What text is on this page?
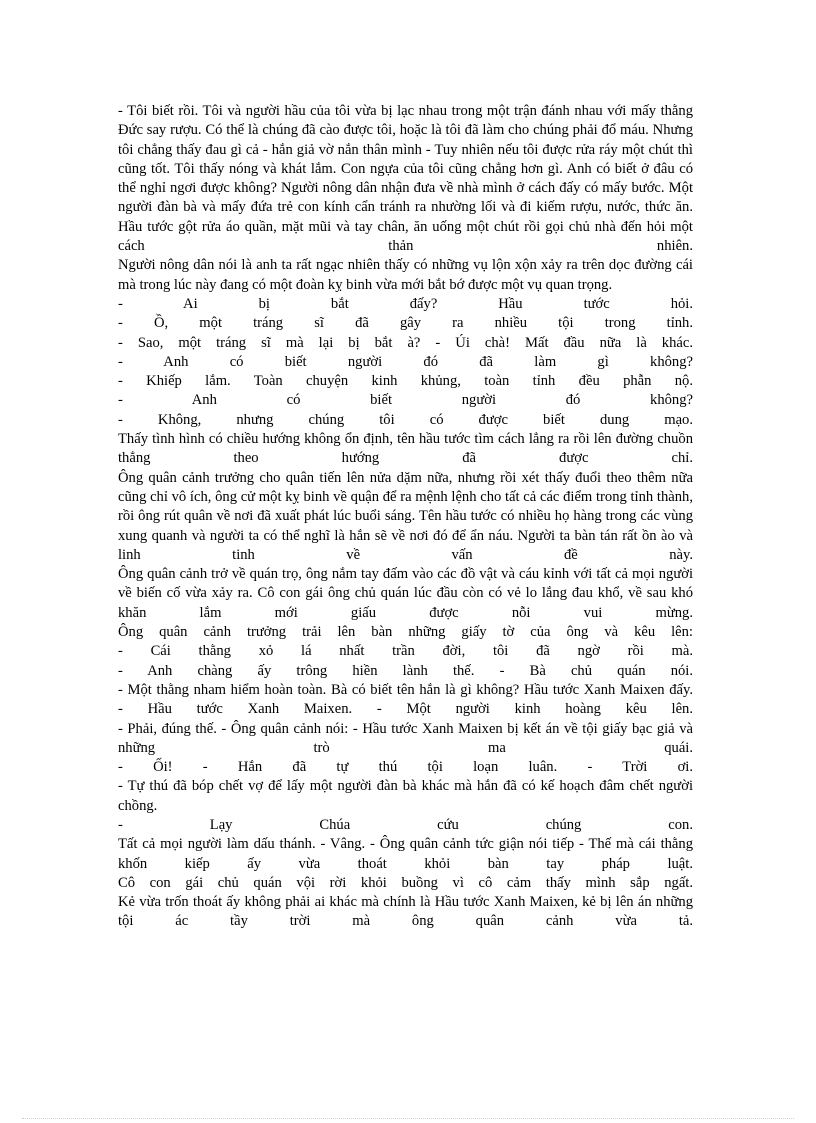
- Tôi biết rồi. Tôi và người hầu của tôi vừa bị lạc nhau trong một trận đánh nhau với mấy thằng Đức say rượu. Có thể là chúng đã cào được tôi, hoặc là tôi đã làm cho chúng phải đổ máu. Nhưng tôi chẳng thấy đau gì cả - hắn giả vờ nắn thân mình - Tuy nhiên nếu tôi được rửa ráy một chút thì cũng tốt. Tôi thấy nóng và khát lắm. Con ngựa của tôi cũng chẳng hơn gì. Anh có biết ở đâu có thể nghỉ ngơi được không? Người nông dân nhận đưa về nhà mình ở cách đấy có mấy bước. Một người đàn bà và mấy đứa trẻ con kính cẩn tránh ra nhường lối và đi kiếm rượu, nước, thức ăn. Hầu tước gột rửa áo quần, mặt mũi và tay chân, ăn uống một chút rồi gọi chủ nhà đến hỏi một cách thản nhiên.

Người nông dân nói là anh ta rất ngạc nhiên thấy có những vụ lộn xộn xảy ra trên dọc đường cái mà trong lúc này đang có một đoàn kỵ binh vừa mới bắt bớ được một vụ quan trọng.

- Ai bị bắt đấy? Hầu tước hỏi.

- Ồ, một tráng sĩ đã gây ra nhiều tội trong tỉnh.

- Sao, một tráng sĩ mà lại bị bắt à? - Úi chà! Mất đầu nữa là khác.

- Anh có biết người đó đã làm gì không?

- Khiếp lắm. Toàn chuyện kinh khủng, toàn tỉnh đều phẫn nộ.

- Anh có biết người đó không?

- Không, nhưng chúng tôi có được biết dung mạo.

Thấy tình hình có chiều hướng không ổn định, tên hầu tước tìm cách lẳng ra rồi lên đường chuồn thẳng theo hướng đã được chỉ.

Ông quân cảnh trưởng cho quân tiến lên nửa dặm nữa, nhưng rồi xét thấy đuổi theo thêm nữa cũng chỉ vô ích, ông cử một kỵ binh về quận để ra mệnh lệnh cho tất cả các điểm trong tỉnh thành, rồi ông rút quân về nơi đã xuất phát lúc buổi sáng. Tên hầu tước có nhiều họ hàng trong các vùng xung quanh và người ta có thể nghĩ là hắn sẽ về nơi đó để ẩn náu. Người ta bàn tán rất ồn ào và linh tinh về vấn đề này.

Ông quân cảnh trở về quán trọ, ông nắm tay đấm vào các đồ vật và cáu kỉnh với tất cả mọi người về biến cố vừa xảy ra. Cô con gái ông chủ quán lúc đầu còn có vẻ lo lắng đau khổ, về sau khó khăn lắm mới giấu được nỗi vui mừng.

Ông quân cảnh trưởng trải lên bàn những giấy tờ của ông và kêu lên:

- Cái thằng xỏ lá nhất trần đời, tôi đã ngờ rồi mà.

- Anh chàng ấy trông hiền lành thế. - Bà chủ quán nói.

- Một thằng nham hiểm hoàn toàn. Bà có biết tên hắn là gì không? Hầu tước Xanh Maixen đấy.

- Hầu tước Xanh Maixen. - Một người kinh hoàng kêu lên.

- Phải, đúng thế. - Ông quân cảnh nói: - Hầu tước Xanh Maixen bị kết án về tội giấy bạc giả và những trò ma quái.

- Ối! - Hắn đã tự thú tội loạn luân. - Trời ơi.

- Tự thú đã bóp chết vợ để lấy một người đàn bà khác mà hắn đã có kế hoạch đâm chết người chồng.

- Lạy Chúa cứu chúng con.

Tất cả mọi người làm dấu thánh. - Vâng. - Ông quân cảnh tức giận nói tiếp - Thế mà cái thằng khốn kiếp ấy vừa thoát khỏi bàn tay pháp luật.

Cô con gái chủ quán vội rời khỏi buồng vì cô cảm thấy mình sắp ngất.

Kẻ vừa trốn thoát ấy không phải ai khác mà chính là Hầu tước Xanh Maixen, kẻ bị lên án những tội ác tầy trời mà ông quân cảnh vừa tả.
